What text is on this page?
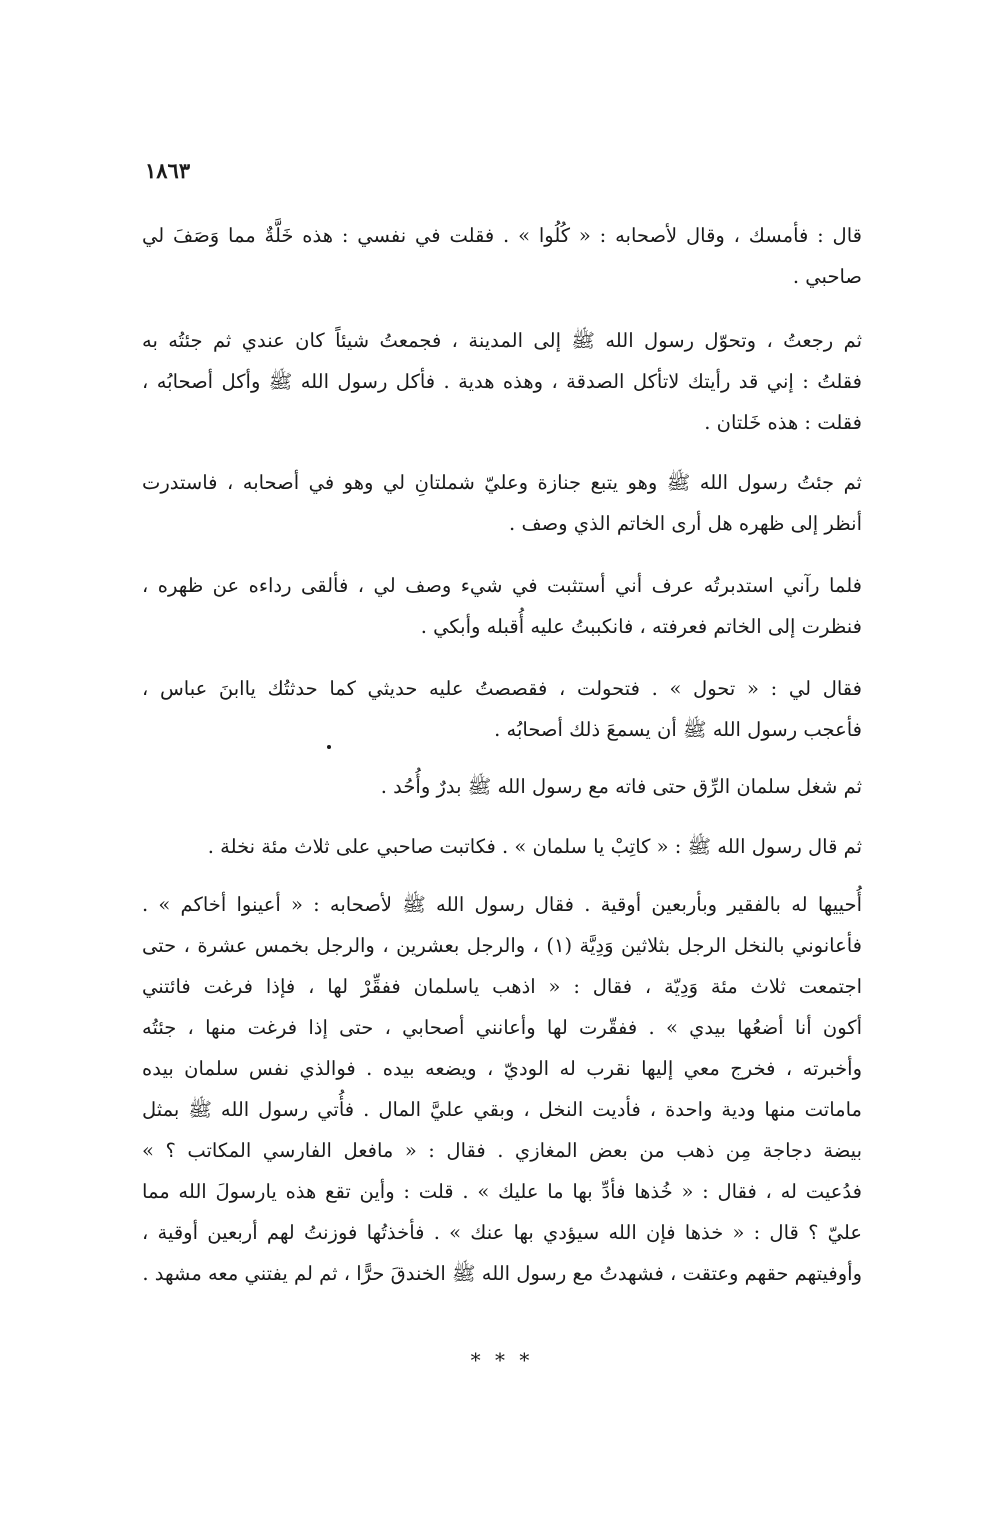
١٨٦٣

قال : فأمسك ، وقال لأصحابه : « كُلُوا » . فقلت في نفسي : هذه خَلَّةٌ مما وَصَفَ لي
صاحبي .

ثم رجعتُ ، وتحوّل رسول الله ﷺ إلى المدينة ، فجمعتُ شيئاً كان عندي ثم جئتُه به
فقلتُ : إني قد رأيتك لاتأكل الصدقة ، وهذه هدية . فأكل رسول الله ﷺ وأكل أصحابُه ،
فقلت : هذه خَلتان .

ثم جئتُ رسول الله ﷺ وهو يتبع جنازة وعليّ شملتانِ لي وهو في أصحابه ، فاستدرت
أنظر إلى ظهره هل أرى الخاتم الذي وصف .

فلما رآني استدبرتُه عرف أني أستثبت في شيء وصف لي ، فألقى رداءه عن ظهره ،
فنظرت إلى الخاتم فعرفته ، فانكببتُ عليه أُقبله وأبكي .

فقال لي : « تحول » . فتحولت ، فقصصتُ عليه حديثي كما حدثتُك ياابنَ عباس ،
فأعجب رسول الله ﷺ أن يسمعَ ذلك أصحابُه .

ثم شغل سلمان الرِّق حتى فاته مع رسول الله ﷺ بدرٌ وأُحُد .

ثم قال رسول الله ﷺ : « كاتِبْ يا سلمان » . فكاتبت صاحبي على ثلاث مئة نخلة .

أُحييها له بالفقير وبأربعين أوقية . فقال رسول الله ﷺ لأصحابه : « أعينوا أخاكم » .
فأعانوني بالنخل الرجل بثلاثين وَدِيَّة (١) ، والرجل بعشرين ، والرجل بخمس عشرة ، حتى
اجتمعت ثلاث مئة وَدِيّة ، فقال : « اذهب ياسلمان ففقِّرْ لها ، فإذا فرغت فائتني
أكون أنا أضعُها بيدي » . ففقّرت لها وأعانني أصحابي ، حتى إذا فرغت منها ، جئتُه
وأخبرته ، فخرج معي إليها نقرب له الوديّ ، ويضعه بيده . فوالذي نفس سلمان بيده
ماماتت منها ودية واحدة ، فأديت النخل ، وبقي عليَّ المال . فأُتي رسول الله ﷺ بمثل
بيضة دجاجة مِن ذهب من بعض المغازي . فقال : « مافعل الفارسي المكاتب ؟ »
فدُعيت له ، فقال : « خُذها فأدِّ بها ما عليك » . قلت : وأين تقع هذه يارسولَ الله مما
عليّ ؟ قال : « خذها فإن الله سيؤدي بها عنك » . فأخذتُها فوزنتُ لهم أربعين أوقية ،
وأوفيتهم حقهم وعتقت ، فشهدتُ مع رسول الله ﷺ الخندقَ حرًّا ، ثم لم يفتني معه مشهد .

* * *
